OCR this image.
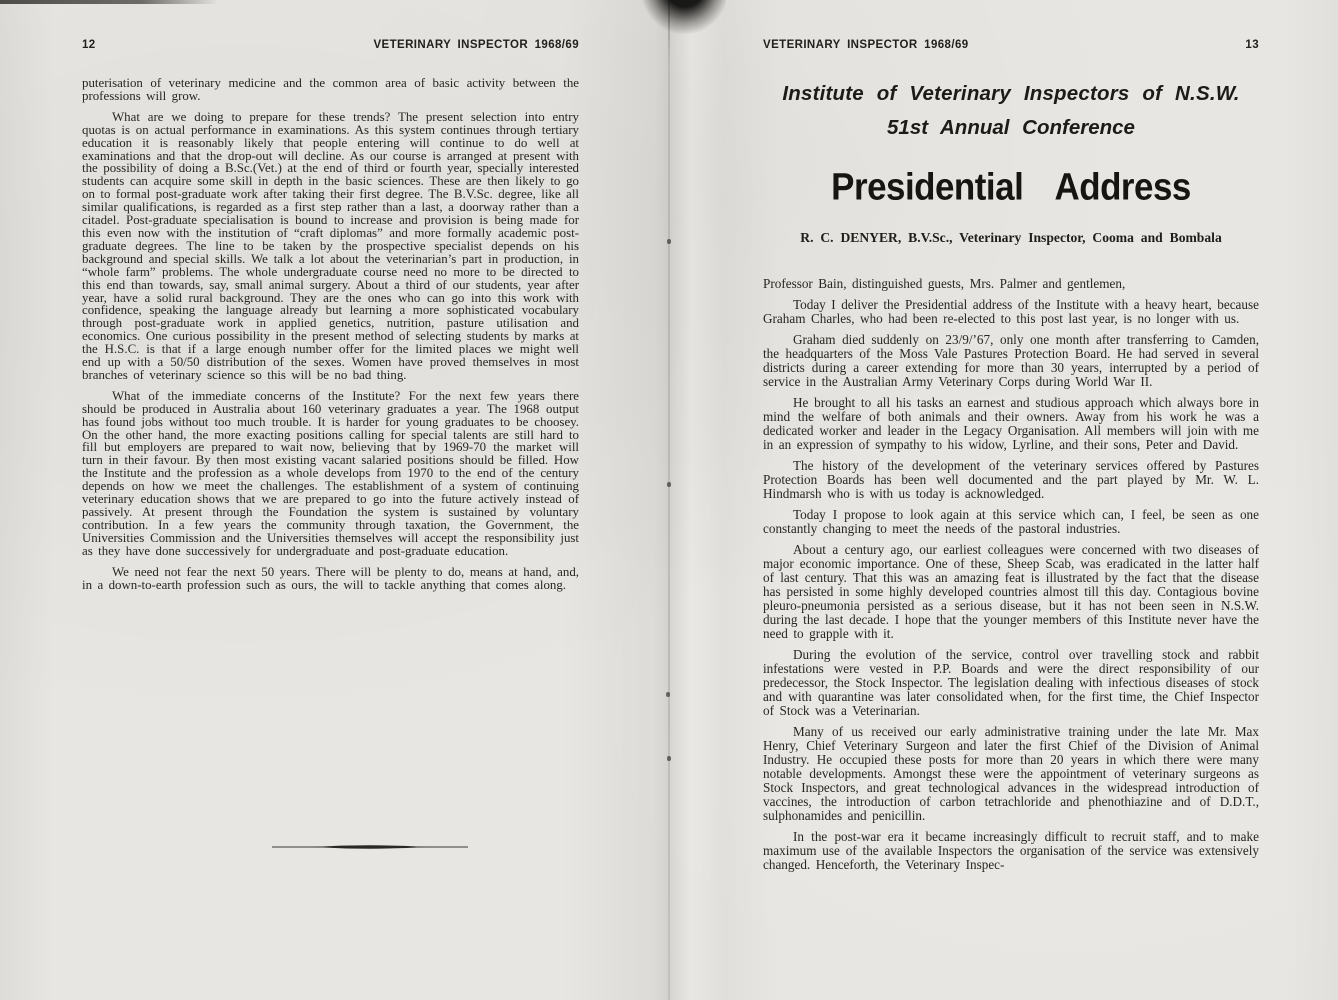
12	VETERINARY INSPECTOR 1968/69

puterisation of veterinary medicine and the common area of basic activity between the professions will grow.

What are we doing to prepare for these trends? The present selection into entry quotas is on actual performance in examinations. As this system continues through tertiary education it is reasonably likely that people entering will continue to do well at examinations and that the drop-out will decline. As our course is arranged at present with the possibility of doing a B.Sc.(Vet.) at the end of third or fourth year, specially interested students can acquire some skill in depth in the basic sciences. These are then likely to go on to formal post-graduate work after taking their first degree. The B.V.Sc. degree, like all similar qualifications, is regarded as a first step rather than a last, a doorway rather than a citadel. Post-graduate specialisation is bound to increase and provision is being made for this even now with the institution of “craft diplomas” and more formally academic post-graduate degrees. The line to be taken by the prospective specialist depends on his background and special skills. We talk a lot about the veterinarian’s part in production, in “whole farm” problems. The whole undergraduate course need no more to be directed to this end than towards, say, small animal surgery. About a third of our students, year after year, have a solid rural background. They are the ones who can go into this work with confidence, speaking the language already but learning a more sophisticated vocabulary through post-graduate work in applied genetics, nutrition, pasture utilisation and economics. One curious possibility in the present method of selecting students by marks at the H.S.C. is that if a large enough number offer for the limited places we might well end up with a 50/50 distribution of the sexes. Women have proved themselves in most branches of veterinary science so this will be no bad thing.

What of the immediate concerns of the Institute? For the next few years there should be produced in Australia about 160 veterinary graduates a year. The 1968 output has found jobs without too much trouble. It is harder for young graduates to be choosey. On the other hand, the more exacting positions calling for special talents are still hard to fill but employers are prepared to wait now, believing that by 1969-70 the market will turn in their favour. By then most existing vacant salaried positions should be filled. How the Institute and the profession as a whole develops from 1970 to the end of the century depends on how we meet the challenges. The establishment of a system of continuing veterinary education shows that we are prepared to go into the future actively instead of passively. At present through the Foundation the system is sustained by voluntary contribution. In a few years the community through taxation, the Government, the Universities Commission and the Universities themselves will accept the responsibility just as they have done successively for undergraduate and post-graduate education.

We need not fear the next 50 years. There will be plenty to do, means at hand, and, in a down-to-earth profession such as ours, the will to tackle anything that comes along.

VETERINARY INSPECTOR 1968/69	13
Institute of Veterinary Inspectors of N.S.W.
51st Annual Conference
Presidential Address
R. C. DENYER, B.V.Sc., Veterinary Inspector, Cooma and Bombala

Professor Bain, distinguished guests, Mrs. Palmer and gentlemen,

Today I deliver the Presidential address of the Institute with a heavy heart, because Graham Charles, who had been re-elected to this post last year, is no longer with us.

Graham died suddenly on 23/9/’67, only one month after transferring to Camden, the headquarters of the Moss Vale Pastures Protection Board. He had served in several districts during a career extending for more than 30 years, interrupted by a period of service in the Australian Army Veterinary Corps during World War II.

He brought to all his tasks an earnest and studious approach which always bore in mind the welfare of both animals and their owners. Away from his work he was a dedicated worker and leader in the Legacy Organisation. All members will join with me in an expression of sympathy to his widow, Lyrline, and their sons, Peter and David.

The history of the development of the veterinary services offered by Pastures Protection Boards has been well documented and the part played by Mr. W. L. Hindmarsh who is with us today is acknowledged.

Today I propose to look again at this service which can, I feel, be seen as one constantly changing to meet the needs of the pastoral industries.

About a century ago, our earliest colleagues were concerned with two diseases of major economic importance. One of these, Sheep Scab, was eradicated in the latter half of last century. That this was an amazing feat is illustrated by the fact that the disease has persisted in some highly developed countries almost till this day. Contagious bovine pleuro-pneumonia persisted as a serious disease, but it has not been seen in N.S.W. during the last decade. I hope that the younger members of this Institute never have the need to grapple with it.

During the evolution of the service, control over travelling stock and rabbit infestations were vested in P.P. Boards and were the direct responsibility of our predecessor, the Stock Inspector. The legislation dealing with infectious diseases of stock and with quarantine was later consolidated when, for the first time, the Chief Inspector of Stock was a Veterinarian.

Many of us received our early administrative training under the late Mr. Max Henry, Chief Veterinary Surgeon and later the first Chief of the Division of Animal Industry. He occupied these posts for more than 20 years in which there were many notable developments. Amongst these were the appointment of veterinary surgeons as Stock Inspectors, and great technological advances in the widespread introduction of vaccines, the introduction of carbon tetrachloride and phenothiazine and of D.D.T., sulphonamides and penicillin.

In the post-war era it became increasingly difficult to recruit staff, and to make maximum use of the available Inspectors the organisation of the service was extensively changed. Henceforth, the Veterinary Inspec-
